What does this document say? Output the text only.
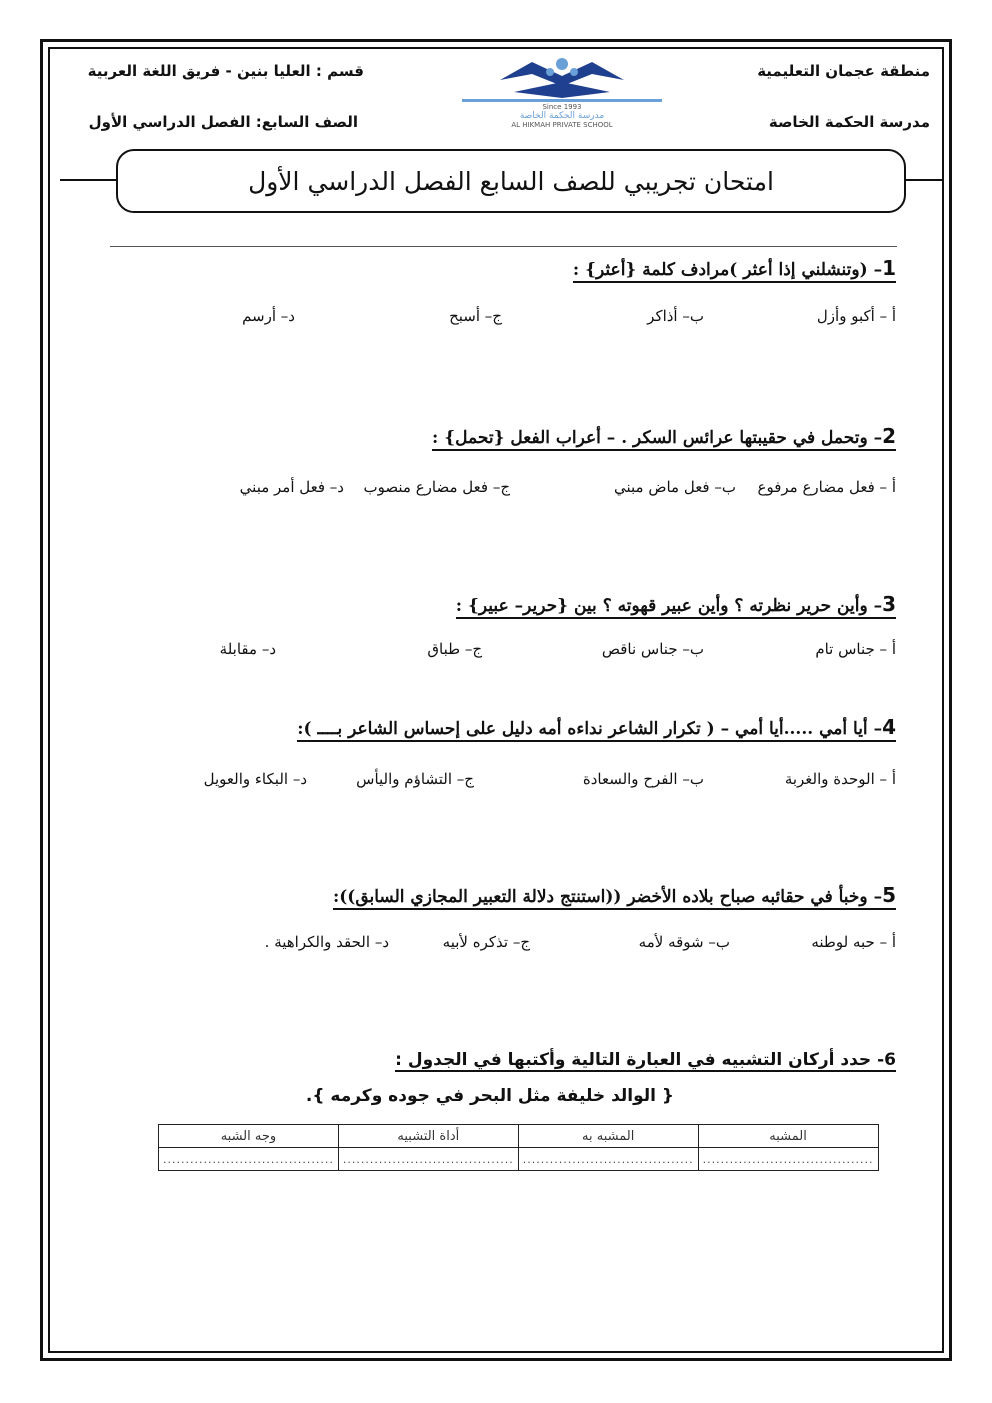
منطقة عجمان التعليمية
مدرسة الحكمة الخاصة
قسم : العليا بنين - فريق اللغة العربية
الصف السابع: الفصل الدراسي الأول
Since 1993
مدرسة الحكمة الخاصة
AL HIKMAH PRIVATE SCHOOL
امتحان تجريبي للصف السابع الفصل الدراسي الأول
1– (وتنشلني إذا أعثر )مرادف كلمة {أعثر} :
أ – أكبو وأزل
ب– أذاكر
ج– أسبح
د– أرسم
2– وتحمل في حقيبتها عرائس السكر . – أعراب الفعل {تحمل} :
أ – فعل مضارع مرفوع
ب– فعل ماض مبني
ج– فعل مضارع منصوب
د– فعل أمر مبني
3– وأين حرير نظرته ؟ وأين عبير قهوته ؟ بين {حرير– عبير} :
أ – جناس تام
ب– جناس ناقص
ج– طباق
د– مقابلة
4– أيا أمي .....أيا أمي – ( تكرار الشاعر نداءه أمه دليل على إحساس الشاعر بــــ ):
أ – الوحدة والغربة
ب– الفرح والسعادة
ج– التشاؤم واليأس
د– البكاء والعويل
5– وخبأ في حقائبه صباح بلاده الأخضر ((استنتج دلالة التعبير المجازي السابق)):
أ – حبه لوطنه
ب– شوقه لأمه
ج– تذكره لأبيه
د– الحقد والكراهية .
6- حدد أركان التشبيه في العبارة التالية وأكتبها في الجدول :
{ الوالد خليفة مثل البحر في جوده وكرمه }.
المشبه	المشبه به	أداة التشبيه	وجه الشبه
......................................	......................................	......................................	......................................
